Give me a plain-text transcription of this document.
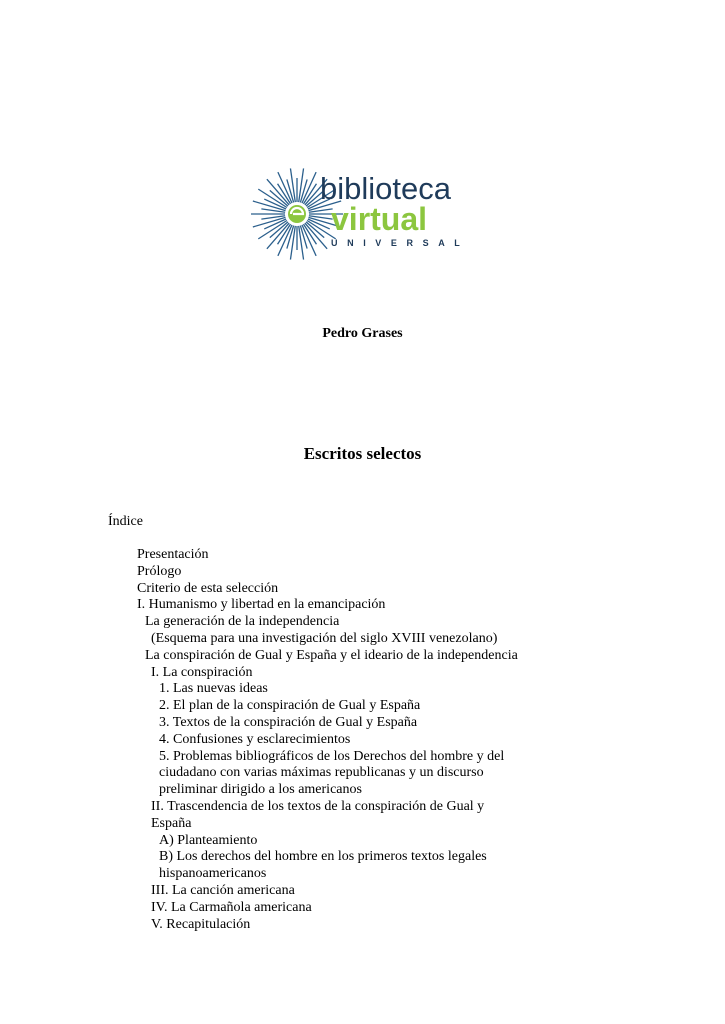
biblioteca
virtual
UNIVERSAL
Pedro Grases
Escritos selectos
Índice
Presentación
Prólogo
Criterio de esta selección
I. Humanismo y libertad en la emancipación
La generación de la independencia
(Esquema para una investigación del siglo XVIII venezolano)
La conspiración de Gual y España y el ideario de la independencia
I. La conspiración
1. Las nuevas ideas
2. El plan de la conspiración de Gual y España
3. Textos de la conspiración de Gual y España
4. Confusiones y esclarecimientos
5. Problemas bibliográficos de los Derechos del hombre y del
ciudadano con varias máximas republicanas y un discurso
preliminar dirigido a los americanos
II. Trascendencia de los textos de la conspiración de Gual y
España
A) Planteamiento
B) Los derechos del hombre en los primeros textos legales
hispanoamericanos
III. La canción americana
IV. La Carmañola americana
V. Recapitulación
